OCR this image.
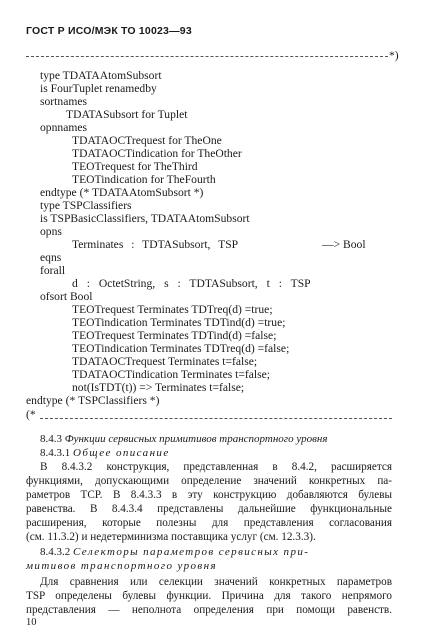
ГОСТ Р ИСО/МЭК ТО 10023—93
*)
type TDATAAtomSubsort
is FourTuplet renamedby
sortnames
TDATASubsort for Tuplet
opnnames
TDATAOCTrequest for TheOne
TDATAOCTindication for TheOther
TEOTrequest for TheThird
TEOTindication for TheFourth
endtype (* TDATAAtomSubsort *)
type TSPClassifiers
is TSPBasicClassifiers, TDATAAtomSubsort
opns
Terminates : TDTASubsort, TSP	—> Bool
eqns
forall
d : OctetString, s : TDTASubsort, t : TSP
ofsort Bool
TEOTrequest Terminates TDTreq(d) =true;
TEOTindication Terminates TDTind(d) =true;
TEOTrequest Terminates TDTind(d) =false;
TEOTindication Terminates TDTreq(d) =false;
TDATAOCTrequest Terminates t=false;
TDATAOCTindication Terminates t=false;
not(IsTDT(t)) => Terminates t=false;
endtype (* TSPClassifiers *)
(*
8.4.3 Функции сервисных примитивов транспортного уровня
8.4.3.1 Общее описание
В 8.4.3.2 конструкция, представленная в 8.4.2, расширяется
функциями, допускающими определение значений конкретных па-
раметров TCP. В 8.4.3.3 в эту конструкцию добавляются булевы
равенства. В 8.4.3.4 представлены дальнейшие функциональные
расширения, которые полезны для представления согласования
(см. 11.3.2) и недетерминизма поставщика услуг (см. 12.3.3).
8.4.3.2 Селекторы параметров сервисных при-
митивов транспортного уровня
Для сравнения или селекции значений конкретных параметров
TSP определены булевы функции. Причина для такого непрямого
представления — неполнота определения при помощи равенств.
10
